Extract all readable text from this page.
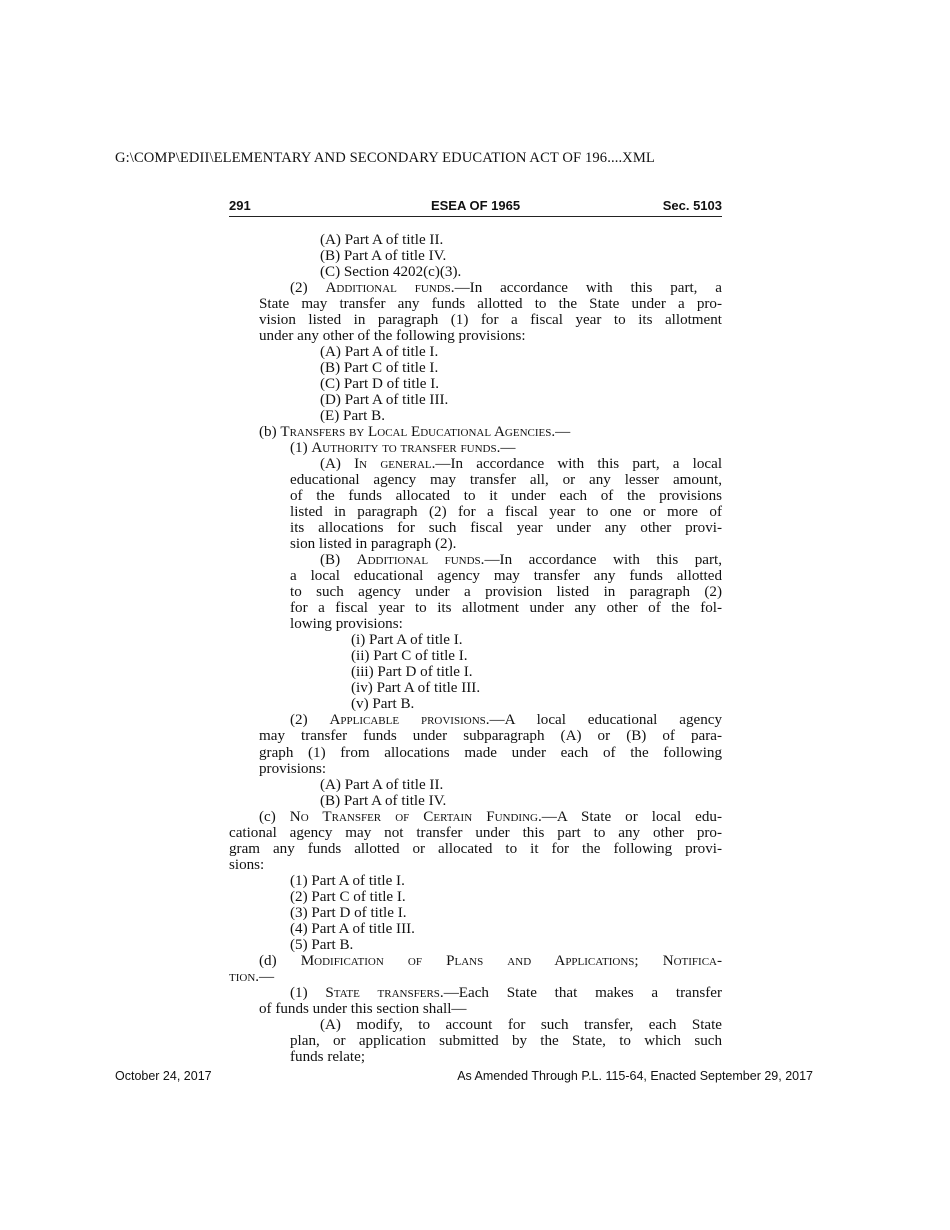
G:\COMP\EDII\ELEMENTARY AND SECONDARY EDUCATION ACT OF 196....XML
ESEA OF 1965
291	Sec. 5103
(A) Part A of title II.
(B) Part A of title IV.
(C) Section 4202(c)(3).
(2) Additional funds.—In accordance with this part, a
State may transfer any funds allotted to the State under a pro-
vision listed in paragraph (1) for a fiscal year to its allotment
under any other of the following provisions:
(A) Part A of title I.
(B) Part C of title I.
(C) Part D of title I.
(D) Part A of title III.
(E) Part B.
(b) Transfers by Local Educational Agencies.—
(1) Authority to transfer funds.—
(A) In general.—In accordance with this part, a local
educational agency may transfer all, or any lesser amount,
of the funds allocated to it under each of the provisions
listed in paragraph (2) for a fiscal year to one or more of
its allocations for such fiscal year under any other provi-
sion listed in paragraph (2).
(B) Additional funds.—In accordance with this part,
a local educational agency may transfer any funds allotted
to such agency under a provision listed in paragraph (2)
for a fiscal year to its allotment under any other of the fol-
lowing provisions:
(i) Part A of title I.
(ii) Part C of title I.
(iii) Part D of title I.
(iv) Part A of title III.
(v) Part B.
(2) Applicable provisions.—A local educational agency
may transfer funds under subparagraph (A) or (B) of para-
graph (1) from allocations made under each of the following
provisions:
(A) Part A of title II.
(B) Part A of title IV.
(c) No Transfer of Certain Funding.—A State or local edu-
cational agency may not transfer under this part to any other pro-
gram any funds allotted or allocated to it for the following provi-
sions:
(1) Part A of title I.
(2) Part C of title I.
(3) Part D of title I.
(4) Part A of title III.
(5) Part B.
(d) Modification of Plans and Applications; Notifica-
tion.—
(1) State transfers.—Each State that makes a transfer
of funds under this section shall—
(A) modify, to account for such transfer, each State
plan, or application submitted by the State, to which such
funds relate;
October 24, 2017	As Amended Through P.L. 115-64, Enacted September 29, 2017
